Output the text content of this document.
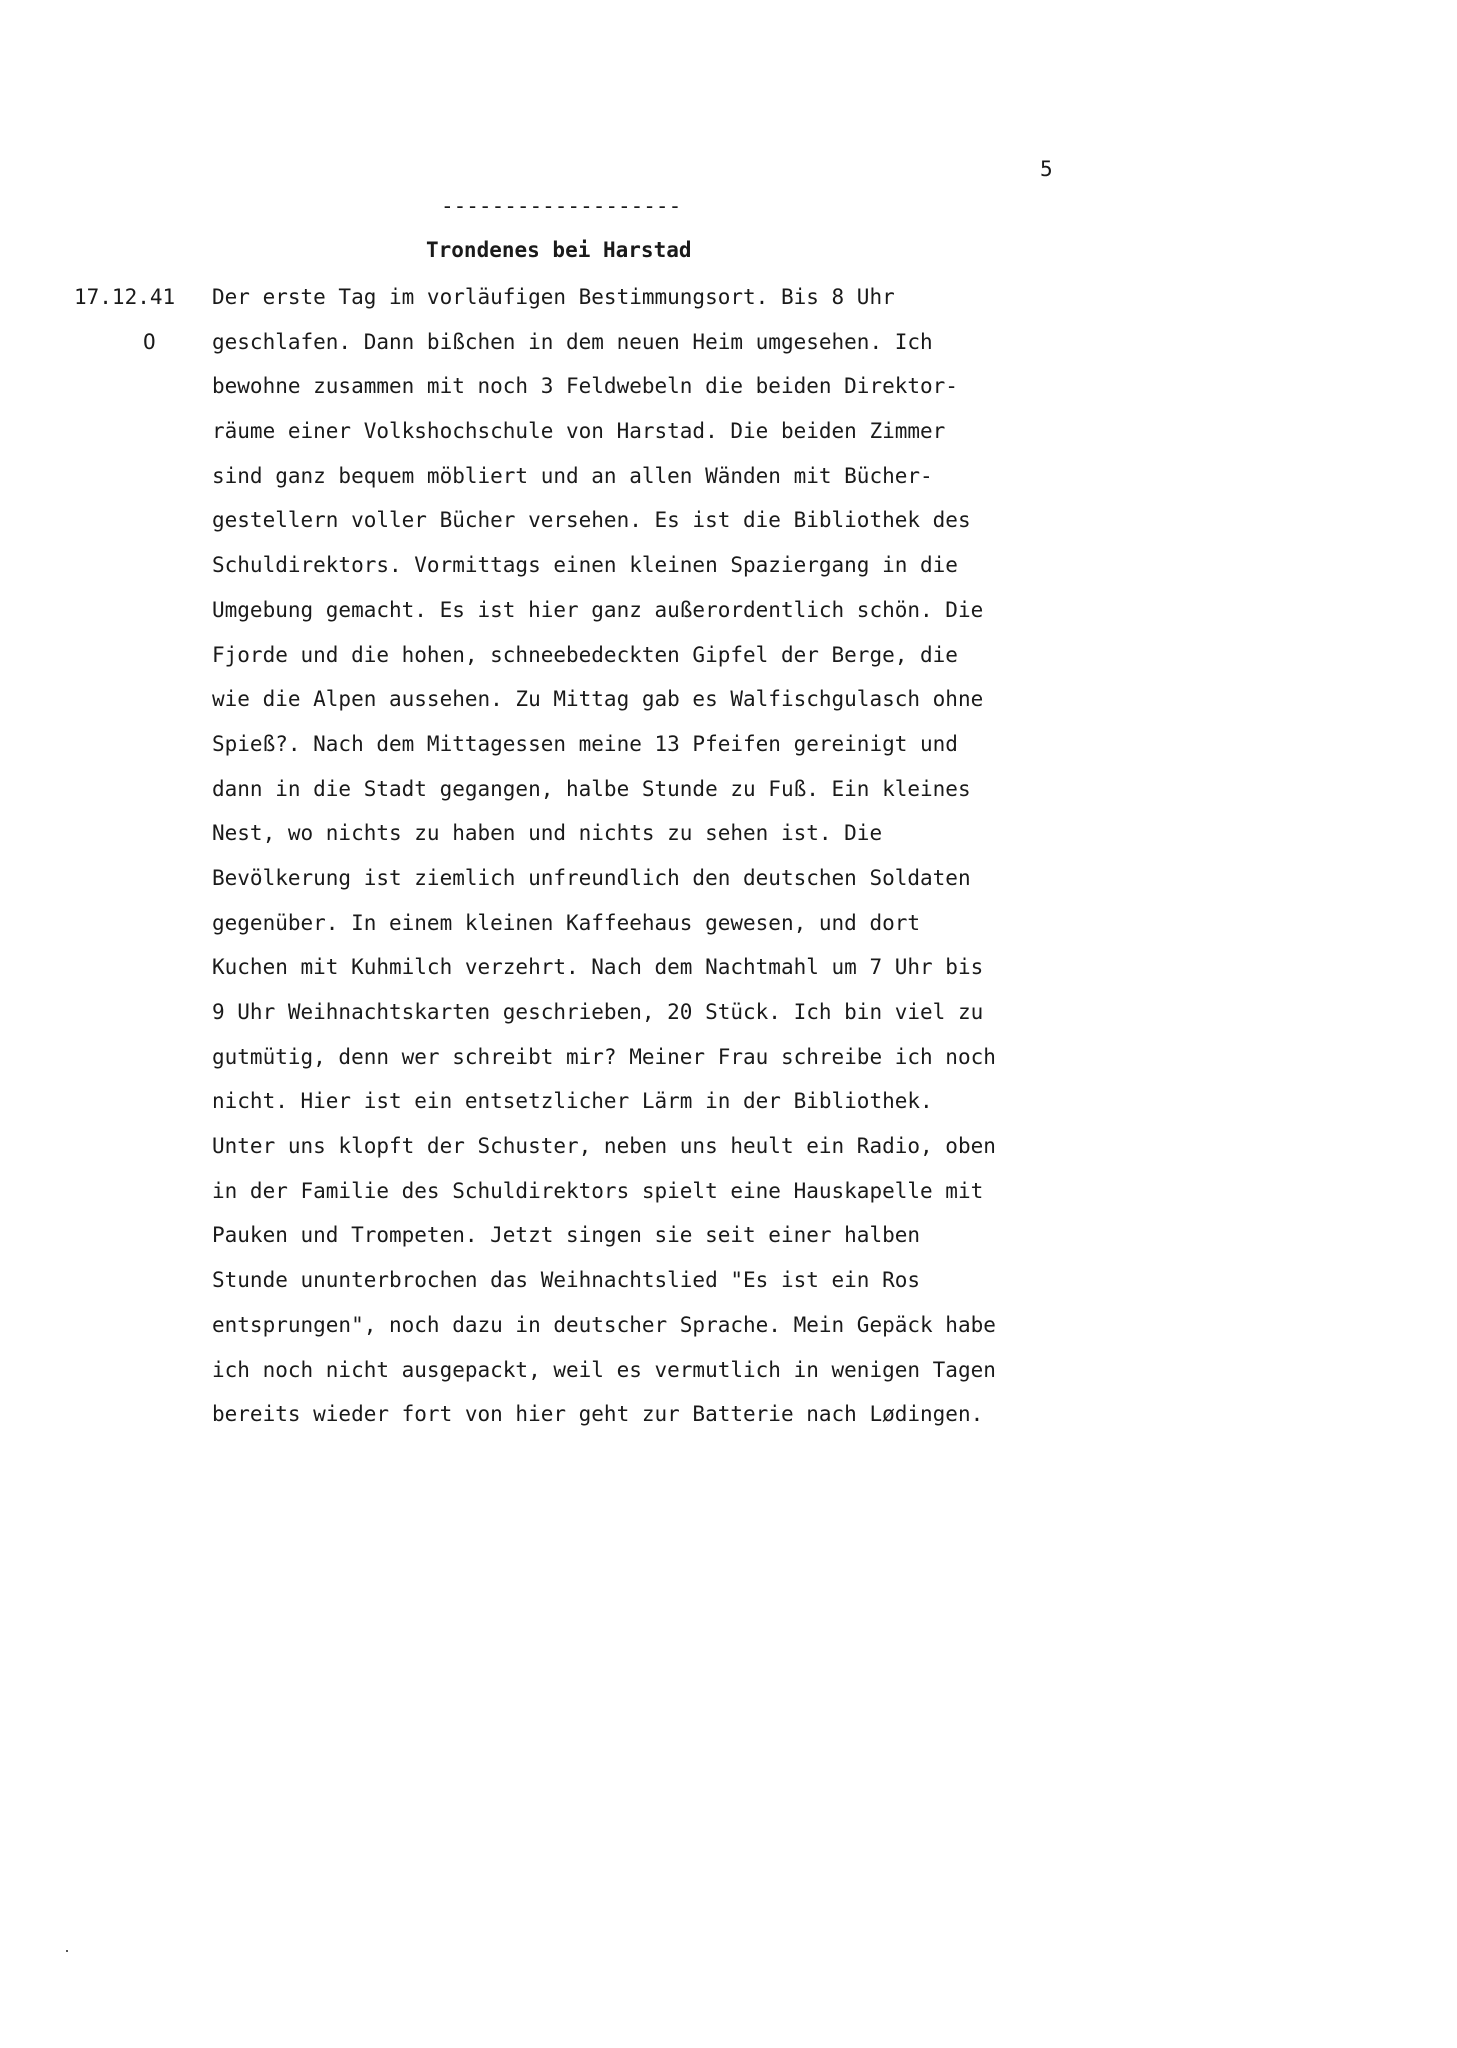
5
-------------------
Trondenes bei Harstad
17.12.41
O
Der erste Tag im vorläufigen Bestimmungsort. Bis 8 Uhr
geschlafen. Dann bißchen in dem neuen Heim umgesehen. Ich
bewohne zusammen mit noch 3 Feldwebeln die beiden Direktor-
räume einer Volkshochschule von Harstad. Die beiden Zimmer
sind ganz bequem möbliert und an allen Wänden mit Bücher-
gestellern voller Bücher versehen. Es ist die Bibliothek des
Schuldirektors. Vormittags einen kleinen Spaziergang in die
Umgebung gemacht. Es ist hier ganz außerordentlich schön. Die
Fjorde und die hohen, schneebedeckten Gipfel der Berge, die
wie die Alpen aussehen. Zu Mittag gab es Walfischgulasch ohne
Spieß?. Nach dem Mittagessen meine 13 Pfeifen gereinigt und
dann in die Stadt gegangen, halbe Stunde zu Fuß. Ein kleines
Nest, wo nichts zu haben und nichts zu sehen ist. Die
Bevölkerung ist ziemlich unfreundlich den deutschen Soldaten
gegenüber. In einem kleinen Kaffeehaus gewesen, und dort
Kuchen mit Kuhmilch verzehrt. Nach dem Nachtmahl um 7 Uhr bis
9 Uhr Weihnachtskarten geschrieben, 20 Stück. Ich bin viel zu
gutmütig, denn wer schreibt mir? Meiner Frau schreibe ich noch
nicht. Hier ist ein entsetzlicher Lärm in der Bibliothek.
Unter uns klopft der Schuster, neben uns heult ein Radio, oben
in der Familie des Schuldirektors spielt eine Hauskapelle mit
Pauken und Trompeten. Jetzt singen sie seit einer halben
Stunde ununterbrochen das Weihnachtslied "Es ist ein Ros
entsprungen", noch dazu in deutscher Sprache. Mein Gepäck habe
ich noch nicht ausgepackt, weil es vermutlich in wenigen Tagen
bereits wieder fort von hier geht zur Batterie nach Lødingen.
